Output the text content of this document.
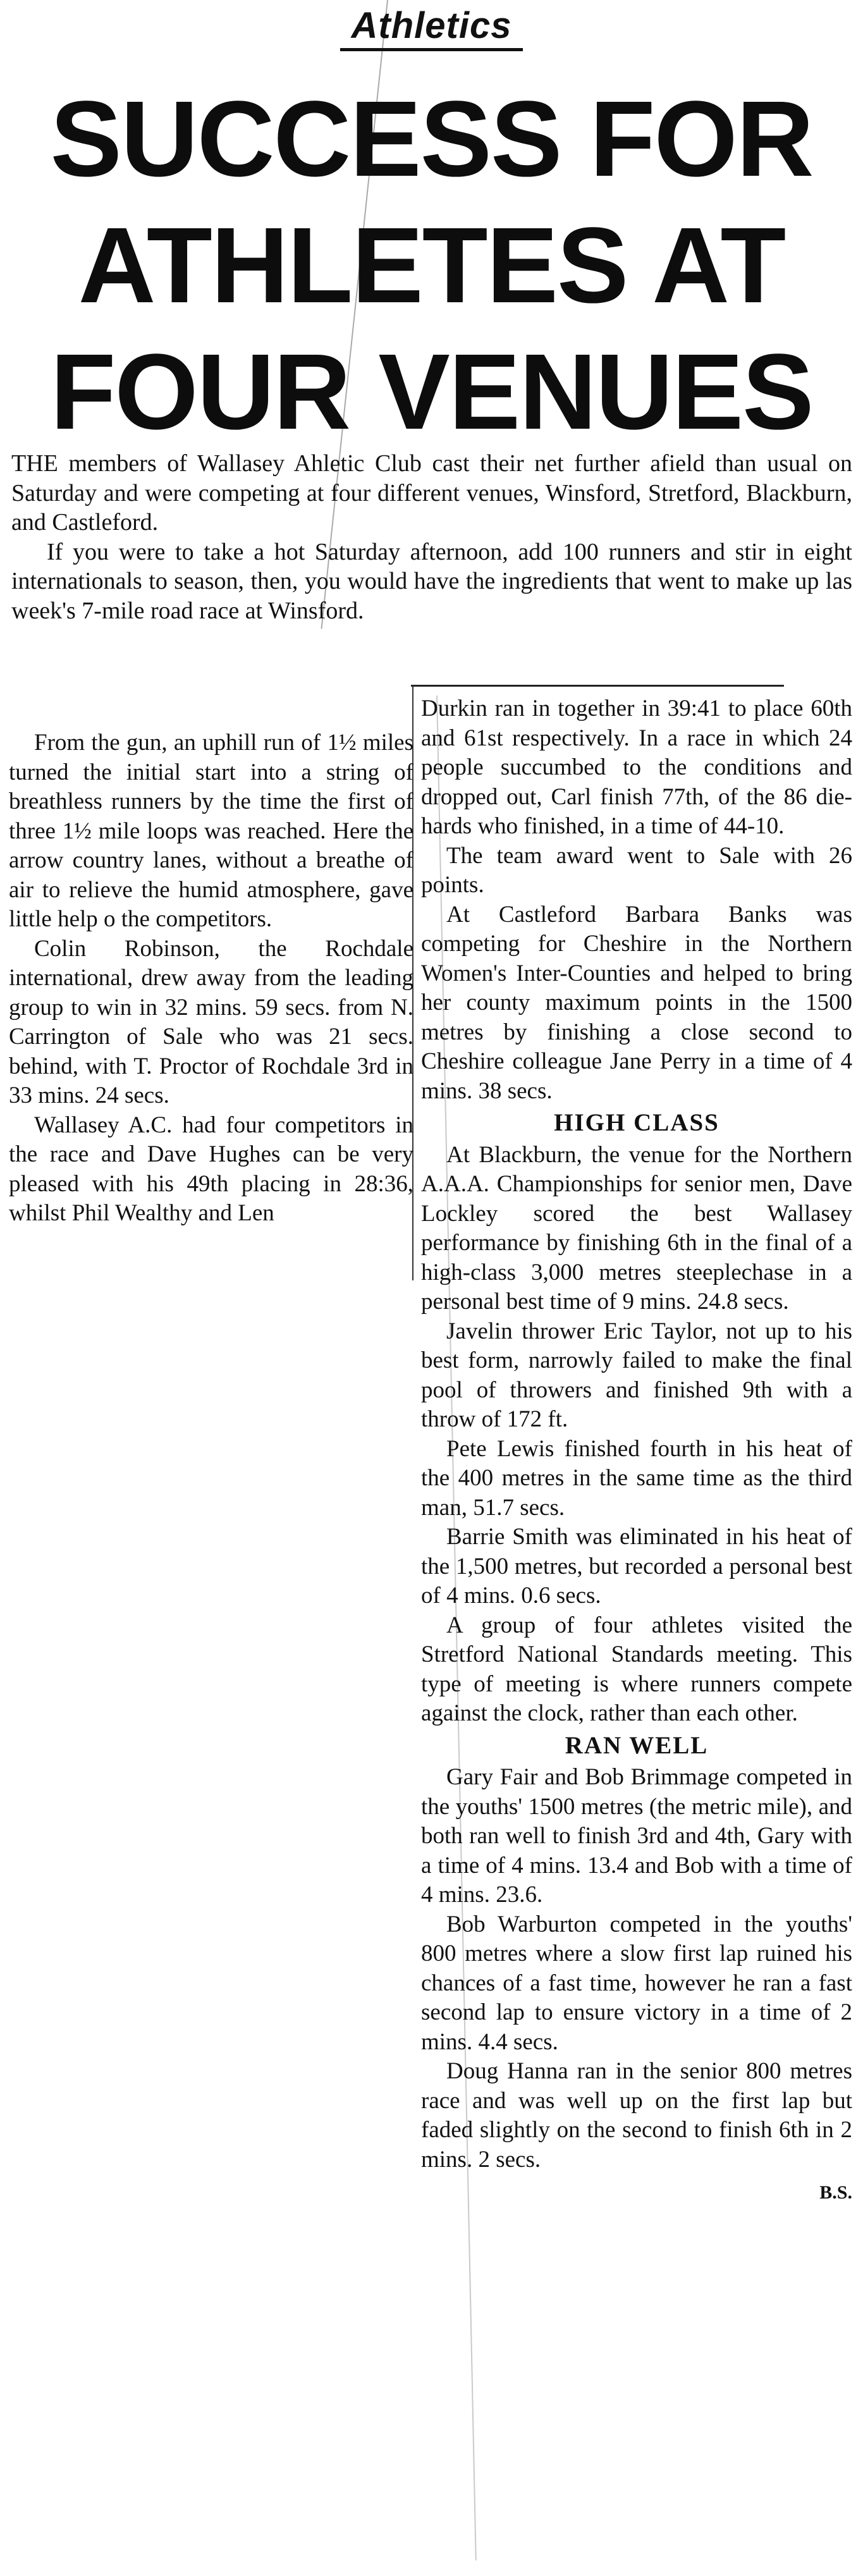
Athletics
SUCCESS FOR
ATHLETES AT
FOUR VENUES

THE members of Wallasey Ahletic Club cast their net further afield than usual on Saturday and were competing at four different venues, Winsford, Stretford, Blackburn, and Castleford.

If you were to take a hot Saturday afternoon, add 100 runners and stir in eight internationals to season, then, you would have the ingredients that went to make up las week's 7-mile road race at Winsford.

From the gun, an uphill run of 1½ miles turned the initial start into a string of breathless runners by the time the first of three 1½ mile loops was reached. Here the arrow country lanes, without a breathe of air to relieve the humid atmosphere, gave little help o the competitors.

Colin Robinson, the Rochdale international, drew away from the leading group to win in 32 mins. 59 secs. from N. Carrington of Sale who was 21 secs. behind, with T. Proctor of Rochdale 3rd in 33 mins. 24 secs.

Wallasey A.C. had four competitors in the race and Dave Hughes can be very pleased with his 49th placing in 28:36, whilst Phil Wealthy and Len

Durkin ran in together in 39:41 to place 60th and 61st respectively. In a race in which 24 people succumbed to the conditions and dropped out, Carl finish 77th, of the 86 die-hards who finished, in a time of 44-10.

The team award went to Sale with 26 points.

At Castleford Barbara Banks was competing for Cheshire in the Northern Women's Inter-Counties and helped to bring her county maximum points in the 1500 metres by finishing a close second to Cheshire colleague Jane Perry in a time of 4 mins. 38 secs.

HIGH CLASS

At Blackburn, the venue for the Northern A.A.A. Championships for senior men, Dave Lockley scored the best Wallasey performance by finishing 6th in the final of a high-class 3,000 metres steeplechase in a personal best time of 9 mins. 24.8 secs.

Javelin thrower Eric Taylor, not up to his best form, narrowly failed to make the final pool of throwers and finished 9th with a throw of 172 ft.

Pete Lewis finished fourth in his heat of the 400 metres in the same time as the third man, 51.7 secs.

Barrie Smith was eliminated in his heat of the 1,500 metres, but recorded a personal best of 4 mins. 0.6 secs.

A group of four athletes visited the Stretford National Standards meeting. This type of meeting is where runners compete against the clock, rather than each other.

RAN WELL

Gary Fair and Bob Brimmage competed in the youths' 1500 metres (the metric mile), and both ran well to finish 3rd and 4th, Gary with a time of 4 mins. 13.4 and Bob with a time of 4 mins. 23.6.

Bob Warburton competed in the youths' 800 metres where a slow first lap ruined his chances of a fast time, however he ran a fast second lap to ensure victory in a time of 2 mins. 4.4 secs.

Doug Hanna ran in the senior 800 metres race and was well up on the first lap but faded slightly on the second to finish 6th in 2 mins. 2 secs.

B.S.
